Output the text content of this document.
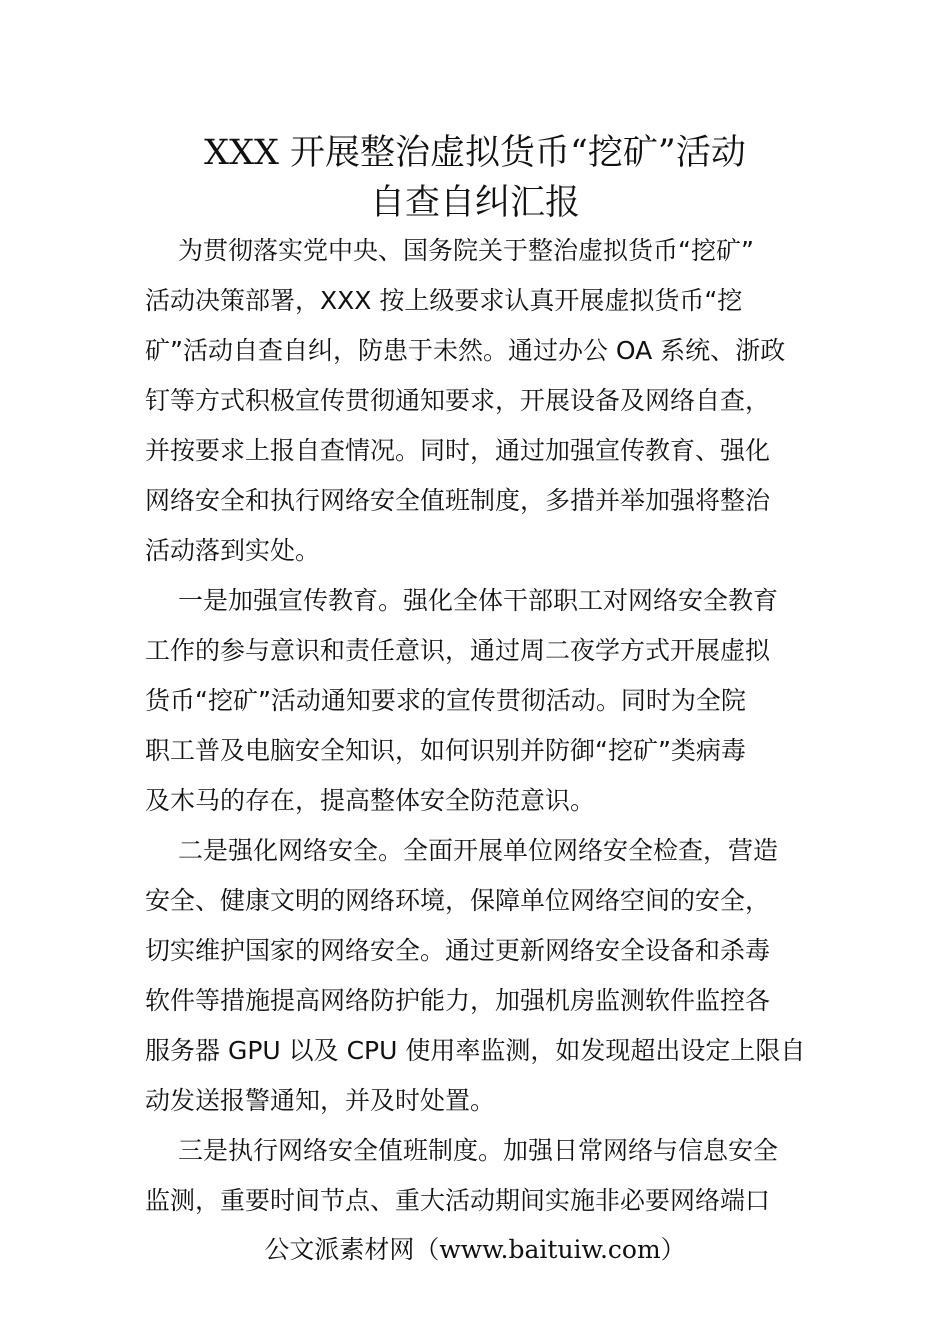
XXX 开展整治虚拟货币“挖矿”活动
自查自纠汇报

为贯彻落实党中央、国务院关于整治虚拟货币“挖矿”
活动决策部署，XXX 按上级要求认真开展虚拟货币“挖
矿”活动自查自纠，防患于未然。通过办公 OA 系统、浙政
钉等方式积极宣传贯彻通知要求，开展设备及网络自查，
并按要求上报自查情况。同时，通过加强宣传教育、强化
网络安全和执行网络安全值班制度，多措并举加强将整治
活动落到实处。

一是加强宣传教育。强化全体干部职工对网络安全教育
工作的参与意识和责任意识，通过周二夜学方式开展虚拟
货币“挖矿”活动通知要求的宣传贯彻活动。同时为全院
职工普及电脑安全知识，如何识别并防御“挖矿”类病毒
及木马的存在，提高整体安全防范意识。

二是强化网络安全。全面开展单位网络安全检查，营造
安全、健康文明的网络环境，保障单位网络空间的安全，
切实维护国家的网络安全。通过更新网络安全设备和杀毒
软件等措施提高网络防护能力，加强机房监测软件监控各
服务器 GPU 以及 CPU 使用率监测，如发现超出设定上限自
动发送报警通知，并及时处置。

三是执行网络安全值班制度。加强日常网络与信息安全
监测，重要时间节点、重大活动期间实施非必要网络端口

公文派素材网（www.baituiw.com）
